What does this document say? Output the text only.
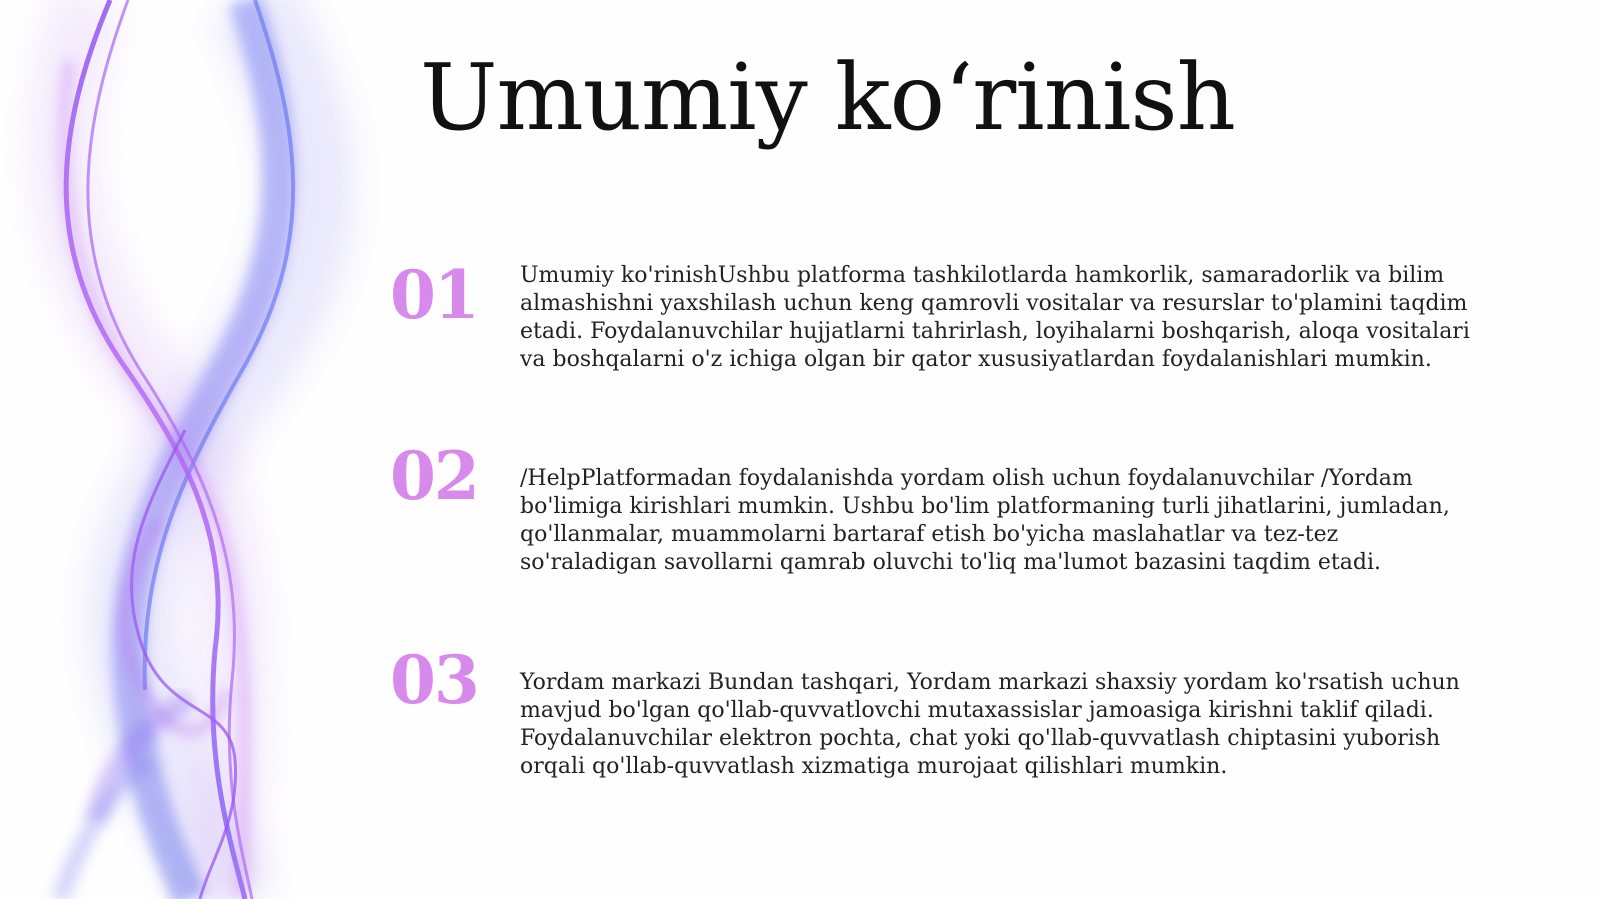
Umumiy ko‘rinish
01	Umumiy ko'rinishUshbu platforma tashkilotlarda hamkorlik, samaradorlik va bilim almashishni yaxshilash uchun keng qamrovli vositalar va resurslar to'plamini taqdim etadi. Foydalanuvchilar hujjatlarni tahrirlash, loyihalarni boshqarish, aloqa vositalari va boshqalarni o'z ichiga olgan bir qator xususiyatlardan foydalanishlari mumkin.

02	/HelpPlatformadan foydalanishda yordam olish uchun foydalanuvchilar /Yordam bo'limiga kirishlari mumkin. Ushbu bo'lim platformaning turli jihatlarini, jumladan, qo'llanmalar, muammolarni bartaraf etish bo'yicha maslahatlar va tez-tez so'raladigan savollarni qamrab oluvchi to'liq ma'lumot bazasini taqdim etadi.

03	Yordam markazi Bundan tashqari, Yordam markazi shaxsiy yordam ko'rsatish uchun mavjud bo'lgan qo'llab-quvvatlovchi mutaxassislar jamoasiga kirishni taklif qiladi. Foydalanuvchilar elektron pochta, chat yoki qo'llab-quvvatlash chiptasini yuborish orqali qo'llab-quvvatlash xizmatiga murojaat qilishlari mumkin.
